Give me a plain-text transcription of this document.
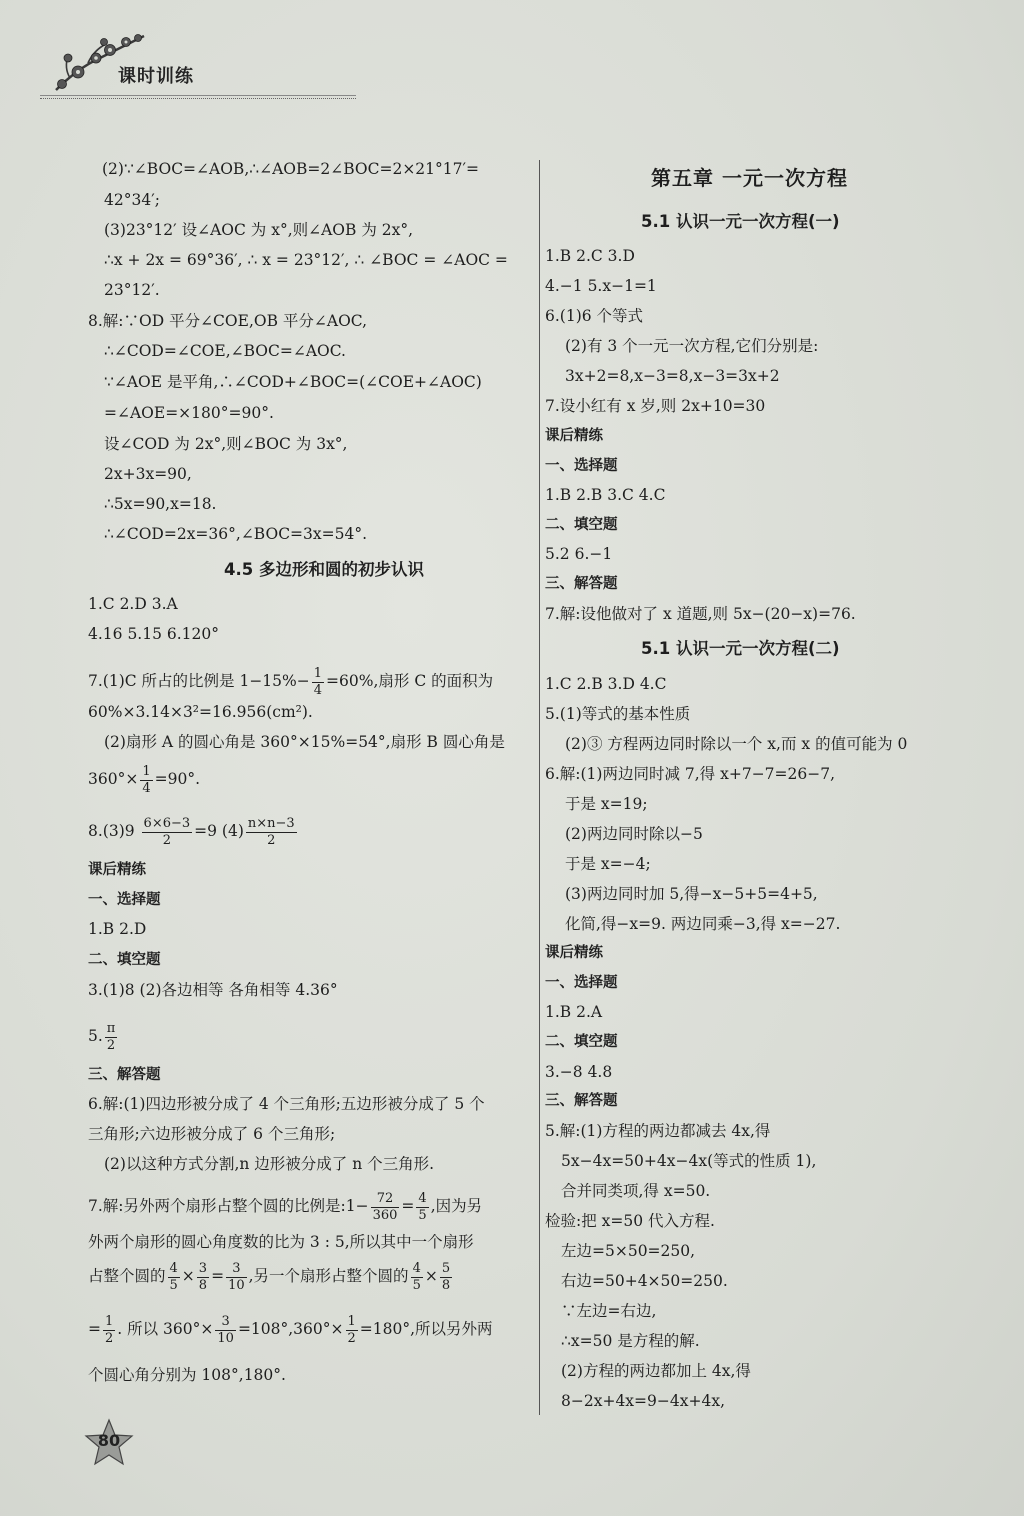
课时训练
(2)∵∠BOC=∠AOB,∴∠AOB=2∠BOC=2×21°17′=
42°34′;
(3)23°12′ 设∠AOC 为 x°,则∠AOB 为 2x°,
∴x + 2x = 69°36′, ∴ x = 23°12′, ∴ ∠BOC = ∠AOC =
23°12′.
8.解:∵OD 平分∠COE,OB 平分∠AOC,
∴∠COD=∠COE,∠BOC=∠AOC.
∵∠AOE 是平角,∴∠COD+∠BOC=(∠COE+∠AOC)
=∠AOE=×180°=90°.
设∠COD 为 2x°,则∠BOC 为 3x°,
2x+3x=90,
∴5x=90,x=18.
∴∠COD=2x=36°,∠BOC=3x=54°.
4.5 多边形和圆的初步认识
1.C 2.D 3.A
4.16 5.15 6.120°
7.(1)C 所占的比例是 $1-15\%- \frac{1}{4} =60\%$,扇形 C 的面积为
60%×3.14×3²=16.956(cm²).
(2)扇形 A 的圆心角是 360°×15%=54°,扇形 B 圆心角是
$360^\circ\times \frac{1}{4} =90^\circ$.
$8.(3)9 \frac{6\times 6-3}{2} =9$ $(4) \frac{n\times n-3}{2}$
课后精练
一、选择题
1.B 2.D
二、填空题
3.(1)8 (2)各边相等 各角相等 4.36°
5. $\frac{\pi}{2}$
三、解答题
6.解:(1)四边形被分成了 4 个三角形;五边形被分成了 5 个
三角形;六边形被分成了 6 个三角形;
(2)以这种方式分割,n 边形被分成了 n 个三角形.
7.解:另外两个扇形占整个圆的比例是:1− $\frac{72}{360} = \frac{4}{5}$ ,因为另
外两个扇形的圆心角度数的比为 3 : 5,所以其中一个扇形
占整个圆的 $\frac{4}{5} \times \frac{3}{8} = \frac{3}{10}$ ,另一个扇形占整个圆的 $\frac{4}{5} \times \frac{5}{8}$
= $\frac{1}{2}$ . 所以 $360^\circ\times \frac{3}{10} =108^\circ,360^\circ\times \frac{1}{2} =180^\circ$,所以另外两
个圆心角分别为 108°,180°.
第五章 一元一次方程
5.1 认识一元一次方程(一)
1.B 2.C 3.D
4.−1 5.x−1=1
6.(1)6 个等式
(2)有 3 个一元一次方程,它们分别是:
3x+2=8,x−3=8,x−3=3x+2
7.设小红有 x 岁,则 2x+10=30
课后精练
一、选择题
1.B 2.B 3.C 4.C
二、填空题
5.2 6.−1
三、解答题
7.解:设他做对了 x 道题,则 5x−(20−x)=76.
5.1 认识一元一次方程(二)
1.C 2.B 3.D 4.C
5.(1)等式的基本性质
(2)③ 方程两边同时除以一个 x,而 x 的值可能为 0
6.解:(1)两边同时减 7,得 x+7−7=26−7,
于是 x=19;
(2)两边同时除以−5
于是 x=−4;
(3)两边同时加 5,得−x−5+5=4+5,
化简,得−x=9. 两边同乘−3,得 x=−27.
课后精练
一、选择题
1.B 2.A
二、填空题
3.−8 4.8
三、解答题
5.解:(1)方程的两边都减去 4x,得
5x−4x=50+4x−4x(等式的性质 1),
合并同类项,得 x=50.
检验:把 x=50 代入方程.
左边=5×50=250,
右边=50+4×50=250.
∵左边=右边,
∴x=50 是方程的解.
(2)方程的两边都加上 4x,得
8−2x+4x=9−4x+4x,
80
